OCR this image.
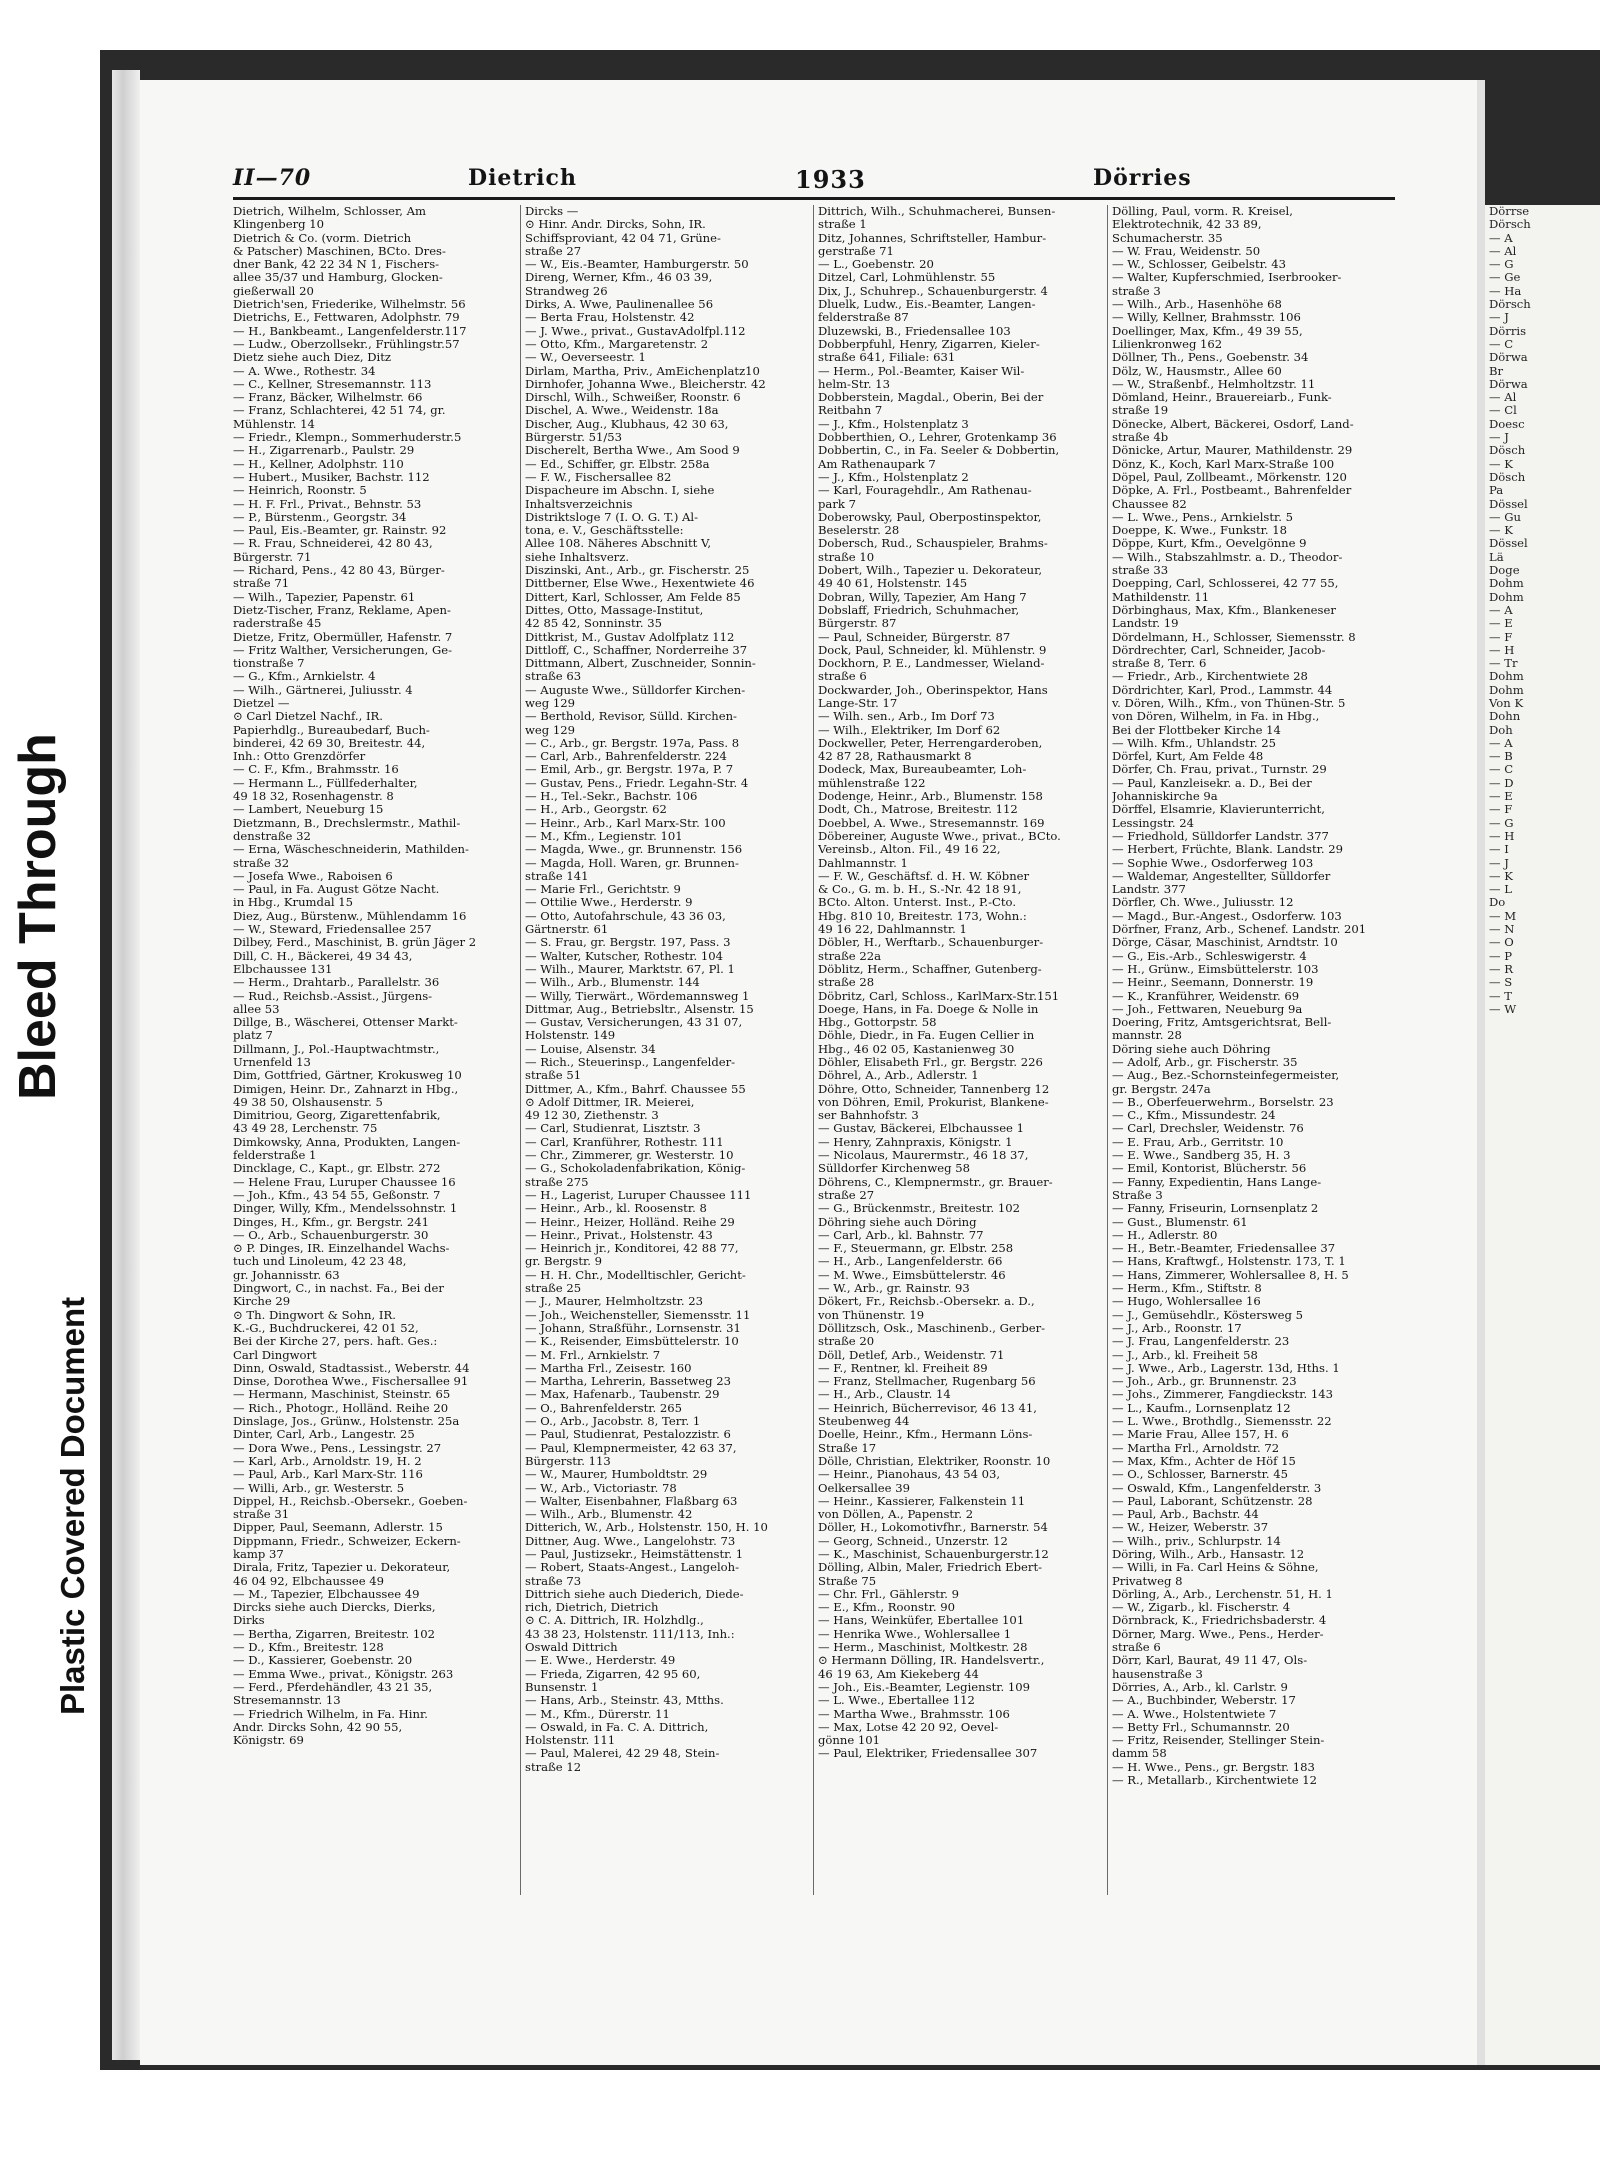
Bleed Through
Plastic Covered Document
Dörrse
Dörsch
— A
— Al
— G
— Ge
— Ha
Dörsch
— J
Dörris
— C
Dörwa
Br
Dörwa
— Al
— Cl
Doesc
— J
Dösch
— K
Dösch
Pa
Dössel
— Gu
— K
Dössel
Lä
Doge
Dohm
Dohm
— A
— E
— F
— H
— Tr
Dohm
Dohm
Von K
Dohn
Doh
— A
— B
— C
— D
— E
— F
— G
— H
— I
— J
— K
— L
Do
— M
— N
— O
— P
— R
— S
— T
— W
II—70	Dietrich	1933	Dörries
Dietrich, Wilhelm, Schlosser, Am
Klingenberg 10
Dietrich & Co. (vorm. Dietrich
& Patscher) Maschinen, BCto. Dres-
dner Bank, 42 22 34 N 1, Fischers-
allee 35/37 und Hamburg, Glocken-
gießerwall 20
Dietrich'sen, Friederike, Wilhelmstr. 56
Dietrichs, E., Fettwaren, Adolphstr. 79
— H., Bankbeamt., Langenfelderstr.117
— Ludw., Oberzollsekr., Frühlingstr.57
Dietz siehe auch Diez, Ditz
— A. Wwe., Rothestr. 34
— C., Kellner, Stresemannstr. 113
— Franz, Bäcker, Wilhelmstr. 66
— Franz, Schlachterei, 42 51 74, gr.
Mühlenstr. 14
— Friedr., Klempn., Sommerhuderstr.5
— H., Zigarrenarb., Paulstr. 29
— H., Kellner, Adolphstr. 110
— Hubert., Musiker, Bachstr. 112
— Heinrich, Roonstr. 5
— H. F. Frl., Privat., Behnstr. 53
— P., Bürstenm., Georgstr. 34
— Paul, Eis.-Beamter, gr. Rainstr. 92
— R. Frau, Schneiderei, 42 80 43,
Bürgerstr. 71
— Richard, Pens., 42 80 43, Bürger-
straße 71
— Wilh., Tapezier, Papenstr. 61
Dietz-Tischer, Franz, Reklame, Apen-
raderstraße 45
Dietze, Fritz, Obermüller, Hafenstr. 7
— Fritz Walther, Versicherungen, Ge-
tionstraße 7
— G., Kfm., Arnkielstr. 4
— Wilh., Gärtnerei, Juliusstr. 4
Dietzel —
⊙ Carl Dietzel Nachf., IR.
Papierhdlg., Bureaubedarf, Buch-
binderei, 42 69 30, Breitestr. 44,
Inh.: Otto Grenzdörfer
— C. F., Kfm., Brahmsstr. 16
— Hermann L., Füllfederhalter,
49 18 32, Rosenhagenstr. 8
— Lambert, Neueburg 15
Dietzmann, B., Drechslermstr., Mathil-
denstraße 32
— Erna, Wäscheschneiderin, Mathilden-
straße 32
— Josefa Wwe., Raboisen 6
— Paul, in Fa. August Götze Nacht.
in Hbg., Krumdal 15
Diez, Aug., Bürstenw., Mühlendamm 16
— W., Steward, Friedensallee 257
Dilbey, Ferd., Maschinist, B. grün Jäger 2
Dill, C. H., Bäckerei, 49 34 43,
Elbchaussee 131
— Herm., Drahtarb., Parallelstr. 36
— Rud., Reichsb.-Assist., Jürgens-
allee 53
Dillge, B., Wäscherei, Ottenser Markt-
platz 7
Dillmann, J., Pol.-Hauptwachtmstr.,
Urnenfeld 13
Dim, Gottfried, Gärtner, Krokusweg 10
Dimigen, Heinr. Dr., Zahnarzt in Hbg.,
49 38 50, Olshausenstr. 5
Dimitriou, Georg, Zigarettenfabrik,
43 49 28, Lerchenstr. 75
Dimkowsky, Anna, Produkten, Langen-
felderstraße 1
Dincklage, C., Kapt., gr. Elbstr. 272
— Helene Frau, Luruper Chaussee 16
— Joh., Kfm., 43 54 55, Geßonstr. 7
Dinger, Willy, Kfm., Mendelssohnstr. 1
Dinges, H., Kfm., gr. Bergstr. 241
— O., Arb., Schauenburgerstr. 30
⊙ P. Dinges, IR. Einzelhandel Wachs-
tuch und Linoleum, 42 23 48,
gr. Johannisstr. 63
Dingwort, C., in nachst. Fa., Bei der
Kirche 29
⊙ Th. Dingwort & Sohn, IR.
K.-G., Buchdruckerei, 42 01 52,
Bei der Kirche 27, pers. haft. Ges.:
Carl Dingwort
Dinn, Oswald, Stadtassist., Weberstr. 44
Dinse, Dorothea Wwe., Fischersallee 91
— Hermann, Maschinist, Steinstr. 65
— Rich., Photogr., Holländ. Reihe 20
Dinslage, Jos., Grünw., Holstenstr. 25a
Dinter, Carl, Arb., Langestr. 25
— Dora Wwe., Pens., Lessingstr. 27
— Karl, Arb., Arnoldstr. 19, H. 2
— Paul, Arb., Karl Marx-Str. 116
— Willi, Arb., gr. Westerstr. 5
Dippel, H., Reichsb.-Obersekr., Goeben-
straße 31
Dipper, Paul, Seemann, Adlerstr. 15
Dippmann, Friedr., Schweizer, Eckern-
kamp 37
Dirala, Fritz, Tapezier u. Dekorateur,
46 04 92, Elbchaussee 49
— M., Tapezier, Elbchaussee 49
Dircks siehe auch Diercks, Dierks,
Dirks
— Bertha, Zigarren, Breitestr. 102
— D., Kfm., Breitestr. 128
— D., Kassierer, Goebenstr. 20
— Emma Wwe., privat., Königstr. 263
— Ferd., Pferdehändler, 43 21 35,
Stresemannstr. 13
— Friedrich Wilhelm, in Fa. Hinr.
Andr. Dircks Sohn, 42 90 55,
Königstr. 69
Dircks —
⊙ Hinr. Andr. Dircks, Sohn, IR.
Schiffsproviant, 42 04 71, Grüne-
straße 27
— W., Eis.-Beamter, Hamburgerstr. 50
Direng, Werner, Kfm., 46 03 39,
Strandweg 26
Dirks, A. Wwe, Paulinenallee 56
— Berta Frau, Holstenstr. 42
— J. Wwe., privat., GustavAdolfpl.112
— Otto, Kfm., Margaretenstr. 2
— W., Oeverseestr. 1
Dirlam, Martha, Priv., AmEichenplatz10
Dirnhofer, Johanna Wwe., Bleicherstr. 42
Dirschl, Wilh., Schweißer, Roonstr. 6
Dischel, A. Wwe., Weidenstr. 18a
Discher, Aug., Klubhaus, 42 30 63,
Bürgerstr. 51/53
Discherelt, Bertha Wwe., Am Sood 9
— Ed., Schiffer, gr. Elbstr. 258a
— F. W., Fischersallee 82
Dispacheure im Abschn. I, siehe
Inhaltsverzeichnis
Distriktsloge 7 (I. O. G. T.) Al-
tona, e. V., Geschäftsstelle:
Allee 108. Näheres Abschnitt V,
siehe Inhaltsverz.
Diszinski, Ant., Arb., gr. Fischerstr. 25
Dittberner, Else Wwe., Hexentwiete 46
Dittert, Karl, Schlosser, Am Felde 85
Dittes, Otto, Massage-Institut,
42 85 42, Sonninstr. 35
Dittkrist, M., Gustav Adolfplatz 112
Dittloff, C., Schaffner, Norderreihe 37
Dittmann, Albert, Zuschneider, Sonnin-
straße 63
— Auguste Wwe., Sülldorfer Kirchen-
weg 129
— Berthold, Revisor, Sülld. Kirchen-
weg 129
— C., Arb., gr. Bergstr. 197a, Pass. 8
— Carl, Arb., Bahrenfelderstr. 224
— Emil, Arb., gr. Bergstr. 197a, P. 7
— Gustav, Pens., Friedr. Legahn-Str. 4
— H., Tel.-Sekr., Bachstr. 106
— H., Arb., Georgstr. 62
— Heinr., Arb., Karl Marx-Str. 100
— M., Kfm., Legienstr. 101
— Magda, Wwe., gr. Brunnenstr. 156
— Magda, Holl. Waren, gr. Brunnen-
straße 141
— Marie Frl., Gerichtstr. 9
— Ottilie Wwe., Herderstr. 9
— Otto, Autofahrschule, 43 36 03,
Gärtnerstr. 61
— S. Frau, gr. Bergstr. 197, Pass. 3
— Walter, Kutscher, Rothestr. 104
— Wilh., Maurer, Marktstr. 67, Pl. 1
— Wilh., Arb., Blumenstr. 144
— Willy, Tierwärt., Wördemannsweg 1
Dittmar, Aug., Betriebsltr., Alsenstr. 15
— Gustav, Versicherungen, 43 31 07,
Holstenstr. 149
— Louise, Alsenstr. 34
— Rich., Steuerinsp., Langenfelder-
straße 51
Dittmer, A., Kfm., Bahrf. Chaussee 55
⊙ Adolf Dittmer, IR. Meierei,
49 12 30, Ziethenstr. 3
— Carl, Studienrat, Lisztstr. 3
— Carl, Kranführer, Rothestr. 111
— Chr., Zimmerer, gr. Westerstr. 10
— G., Schokoladenfabrikation, König-
straße 275
— H., Lagerist, Luruper Chaussee 111
— Heinr., Arb., kl. Roosenstr. 8
— Heinr., Heizer, Holländ. Reihe 29
— Heinr., Privat., Holstenstr. 43
— Heinrich jr., Konditorei, 42 88 77,
gr. Bergstr. 9
— H. H. Chr., Modelltischler, Gericht-
straße 25
— J., Maurer, Helmholtzstr. 23
— Joh., Weichensteller, Siemensstr. 11
— Johann, Straßführ., Lornsenstr. 31
— K., Reisender, Eimsbüttelerstr. 10
— M. Frl., Arnkielstr. 7
— Martha Frl., Zeisestr. 160
— Martha, Lehrerin, Bassetweg 23
— Max, Hafenarb., Taubenstr. 29
— O., Bahrenfelderstr. 265
— O., Arb., Jacobstr. 8, Terr. 1
— Paul, Studienrat, Pestalozzistr. 6
— Paul, Klempnermeister, 42 63 37,
Bürgerstr. 113
— W., Maurer, Humboldtstr. 29
— W., Arb., Victoriastr. 78
— Walter, Eisenbahner, Flaßbarg 63
— Wilh., Arb., Blumenstr. 42
Ditterich, W., Arb., Holstenstr. 150, H. 10
Dittner, Aug. Wwe., Langelohstr. 73
— Paul, Justizsekr., Heimstättenstr. 1
— Robert, Staats-Angest., Langeloh-
straße 73
Dittrich siehe auch Diederich, Diede-
rich, Dietrich, Dietrich
⊙ C. A. Dittrich, IR. Holzhdlg.,
43 38 23, Holstenstr. 111/113, Inh.:
Oswald Dittrich
— E. Wwe., Herderstr. 49
— Frieda, Zigarren, 42 95 60,
Bunsenstr. 1
— Hans, Arb., Steinstr. 43, Mtths.
— M., Kfm., Dürerstr. 11
— Oswald, in Fa. C. A. Dittrich,
Holstenstr. 111
— Paul, Malerei, 42 29 48, Stein-
straße 12
Dittrich, Wilh., Schuhmacherei, Bunsen-
straße 1
Ditz, Johannes, Schriftsteller, Hambur-
gerstraße 71
— L., Goebenstr. 20
Ditzel, Carl, Lohmühlenstr. 55
Dix, J., Schuhrep., Schauenburgerstr. 4
Dluelk, Ludw., Eis.-Beamter, Langen-
felderstraße 87
Dluzewski, B., Friedensallee 103
Dobberpfuhl, Henry, Zigarren, Kieler-
straße 641, Filiale: 631
— Herm., Pol.-Beamter, Kaiser Wil-
helm-Str. 13
Dobberstein, Magdal., Oberin, Bei der
Reitbahn 7
— J., Kfm., Holstenplatz 3
Dobberthien, O., Lehrer, Grotenkamp 36
Dobbertin, C., in Fa. Seeler & Dobbertin,
Am Rathenaupark 7
— J., Kfm., Holstenplatz 2
— Karl, Fouragehdlr., Am Rathenau-
park 7
Doberowsky, Paul, Oberpostinspektor,
Beselerstr. 28
Dobersch, Rud., Schauspieler, Brahms-
straße 10
Dobert, Wilh., Tapezier u. Dekorateur,
49 40 61, Holstenstr. 145
Dobran, Willy, Tapezier, Am Hang 7
Dobslaff, Friedrich, Schuhmacher,
Bürgerstr. 87
— Paul, Schneider, Bürgerstr. 87
Dock, Paul, Schneider, kl. Mühlenstr. 9
Dockhorn, P. E., Landmesser, Wieland-
straße 6
Dockwarder, Joh., Oberinspektor, Hans
Lange-Str. 17
— Wilh. sen., Arb., Im Dorf 73
— Wilh., Elektriker, Im Dorf 62
Dockweller, Peter, Herrengarderoben,
42 87 28, Rathausmarkt 8
Dodeck, Max, Bureaubeamter, Loh-
mühlenstraße 122
Dodenge, Heinr., Arb., Blumenstr. 158
Dodt, Ch., Matrose, Breitestr. 112
Doebbel, A. Wwe., Stresemannstr. 169
Döbereiner, Auguste Wwe., privat., BCto.
Vereinsb., Alton. Fil., 49 16 22,
Dahlmannstr. 1
— F. W., Geschäftsf. d. H. W. Köbner
& Co., G. m. b. H., S.-Nr. 42 18 91,
BCto. Alton. Unterst. Inst., P.-Cto.
Hbg. 810 10, Breitestr. 173, Wohn.:
49 16 22, Dahlmannstr. 1
Döbler, H., Werftarb., Schauenburger-
straße 22a
Döblitz, Herm., Schaffner, Gutenberg-
straße 28
Döbritz, Carl, Schloss., KarlMarx-Str.151
Doege, Hans, in Fa. Doege & Nolle in
Hbg., Gottorpstr. 58
Döhle, Diedr., in Fa. Eugen Cellier in
Hbg., 46 02 05, Kastanienweg 30
Döhler, Elisabeth Frl., gr. Bergstr. 226
Döhrel, A., Arb., Adlerstr. 1
Döhre, Otto, Schneider, Tannenberg 12
von Döhren, Emil, Prokurist, Blankene-
ser Bahnhofstr. 3
— Gustav, Bäckerei, Elbchaussee 1
— Henry, Zahnpraxis, Königstr. 1
— Nicolaus, Maurermstr., 46 18 37,
Sülldorfer Kirchenweg 58
Döhrens, C., Klempnermstr., gr. Brauer-
straße 27
— G., Brückenmstr., Breitestr. 102
Döhring siehe auch Döring
— Carl, Arb., kl. Bahnstr. 77
— F., Steuermann, gr. Elbstr. 258
— H., Arb., Langenfelderstr. 66
— M. Wwe., Eimsbüttelerstr. 46
— W., Arb., gr. Rainstr. 93
Dökert, Fr., Reichsb.-Obersekr. a. D.,
von Thünenstr. 19
Döllitzsch, Osk., Maschinenb., Gerber-
straße 20
Döll, Detlef, Arb., Weidenstr. 71
— F., Rentner, kl. Freiheit 89
— Franz, Stellmacher, Rugenbarg 56
— H., Arb., Claustr. 14
— Heinrich, Bücherrevisor, 46 13 41,
Steubenweg 44
Doelle, Heinr., Kfm., Hermann Löns-
Straße 17
Dölle, Christian, Elektriker, Roonstr. 10
— Heinr., Pianohaus, 43 54 03,
Oelkersallee 39
— Heinr., Kassierer, Falkenstein 11
von Döllen, A., Papenstr. 2
Döller, H., Lokomotivfhr., Barnerstr. 54
— Georg, Schneid., Unzerstr. 12
— K., Maschinist, Schauenburgerstr.12
Dölling, Albin, Maler, Friedrich Ebert-
Straße 75
— Chr. Frl., Gählerstr. 9
— E., Kfm., Roonstr. 90
— Hans, Weinküfer, Ebertallee 101
— Henrika Wwe., Wohlersallee 1
— Herm., Maschinist, Moltkestr. 28
⊙ Hermann Dölling, IR. Handelsvertr.,
46 19 63, Am Kiekeberg 44
— Joh., Eis.-Beamter, Legienstr. 109
— L. Wwe., Ebertallee 112
— Martha Wwe., Brahmsstr. 106
— Max, Lotse 42 20 92, Oevel-
gönne 101
— Paul, Elektriker, Friedensallee 307
Dölling, Paul, vorm. R. Kreisel,
Elektrotechnik, 42 33 89,
Schumacherstr. 35
— W. Frau, Weidenstr. 50
— W., Schlosser, Geibelstr. 43
— Walter, Kupferschmied, Iserbrooker-
straße 3
— Wilh., Arb., Hasenhöhe 68
— Willy, Kellner, Brahmsstr. 106
Doellinger, Max, Kfm., 49 39 55,
Lilienkronweg 162
Döllner, Th., Pens., Goebenstr. 34
Dölz, W., Hausmstr., Allee 60
— W., Straßenbf., Helmholtzstr. 11
Dömland, Heinr., Brauereiarb., Funk-
straße 19
Dönecke, Albert, Bäckerei, Osdorf, Land-
straße 4b
Dönicke, Artur, Maurer, Mathildenstr. 29
Dönz, K., Koch, Karl Marx-Straße 100
Döpel, Paul, Zollbeamt., Mörkenstr. 120
Döpke, A. Frl., Postbeamt., Bahrenfelder
Chaussee 82
— L. Wwe., Pens., Arnkielstr. 5
Doeppe, K. Wwe., Funkstr. 18
Döppe, Kurt, Kfm., Oevelgönne 9
— Wilh., Stabszahlmstr. a. D., Theodor-
straße 33
Doepping, Carl, Schlosserei, 42 77 55,
Mathildenstr. 11
Dörbinghaus, Max, Kfm., Blankeneser
Landstr. 19
Dördelmann, H., Schlosser, Siemensstr. 8
Dördrechter, Carl, Schneider, Jacob-
straße 8, Terr. 6
— Friedr., Arb., Kirchentwiete 28
Dördrichter, Karl, Prod., Lammstr. 44
v. Dören, Wilh., Kfm., von Thünen-Str. 5
von Dören, Wilhelm, in Fa. in Hbg.,
Bei der Flottbeker Kirche 14
— Wilh. Kfm., Uhlandstr. 25
Dörfel, Kurt, Am Felde 48
Dörfer, Ch. Frau, privat., Turnstr. 29
— Paul, Kanzleisekr. a. D., Bei der
Johanniskirche 9a
Dörffel, Elsamrie, Klavierunterricht,
Lessingstr. 24
— Friedhold, Sülldorfer Landstr. 377
— Herbert, Früchte, Blank. Landstr. 29
— Sophie Wwe., Osdorferweg 103
— Waldemar, Angestellter, Sülldorfer
Landstr. 377
Dörfler, Ch. Wwe., Juliusstr. 12
— Magd., Bur.-Angest., Osdorferw. 103
Dörfner, Franz, Arb., Schenef. Landstr. 201
Dörge, Cäsar, Maschinist, Arndtstr. 10
— G., Eis.-Arb., Schleswigerstr. 4
— H., Grünw., Eimsbüttelerstr. 103
— Heinr., Seemann, Donnerstr. 19
— K., Kranführer, Weidenstr. 69
— Joh., Fettwaren, Neueburg 9a
Doering, Fritz, Amtsgerichtsrat, Bell-
mannstr. 28
Döring siehe auch Döhring
— Adolf, Arb., gr. Fischerstr. 35
— Aug., Bez.-Schornsteinfegermeister,
gr. Bergstr. 247a
— B., Oberfeuerwehrm., Borselstr. 23
— C., Kfm., Missundestr. 24
— Carl, Drechsler, Weidenstr. 76
— E. Frau, Arb., Gerritstr. 10
— E. Wwe., Sandberg 35, H. 3
— Emil, Kontorist, Blücherstr. 56
— Fanny, Expedientin, Hans Lange-
Straße 3
— Fanny, Friseurin, Lornsenplatz 2
— Gust., Blumenstr. 61
— H., Adlerstr. 80
— H., Betr.-Beamter, Friedensallee 37
— Hans, Kraftwgf., Holstenstr. 173, T. 1
— Hans, Zimmerer, Wohlersallee 8, H. 5
— Herm., Kfm., Stiftstr. 8
— Hugo, Wohlersallee 16
— J., Gemüsehdlr., Köstersweg 5
— J., Arb., Roonstr. 17
— J. Frau, Langenfelderstr. 23
— J., Arb., kl. Freiheit 58
— J. Wwe., Arb., Lagerstr. 13d, Hths. 1
— Joh., Arb., gr. Brunnenstr. 23
— Johs., Zimmerer, Fangdieckstr. 143
— L., Kaufm., Lornsenplatz 12
— L. Wwe., Brothdlg., Siemensstr. 22
— Marie Frau, Allee 157, H. 6
— Martha Frl., Arnoldstr. 72
— Max, Kfm., Achter de Höf 15
— O., Schlosser, Barnerstr. 45
— Oswald, Kfm., Langenfelderstr. 3
— Paul, Laborant, Schützenstr. 28
— Paul, Arb., Bachstr. 44
— W., Heizer, Weberstr. 37
— Wilh., priv., Schlurpstr. 14
Döring, Wilh., Arb., Hansastr. 12
— Willi, in Fa. Carl Heins & Söhne,
Privatweg 8
Dörling, A., Arb., Lerchenstr. 51, H. 1
— W., Zigarb., kl. Fischerstr. 4
Dörnbrack, K., Friedrichsbaderstr. 4
Dörner, Marg. Wwe., Pens., Herder-
straße 6
Dörr, Karl, Baurat, 49 11 47, Ols-
hausenstraße 3
Dörries, A., Arb., kl. Carlstr. 9
— A., Buchbinder, Weberstr. 17
— A. Wwe., Holstentwiete 7
— Betty Frl., Schumannstr. 20
— Fritz, Reisender, Stellinger Stein-
damm 58
— H. Wwe., Pens., gr. Bergstr. 183
— R., Metallarb., Kirchentwiete 12
